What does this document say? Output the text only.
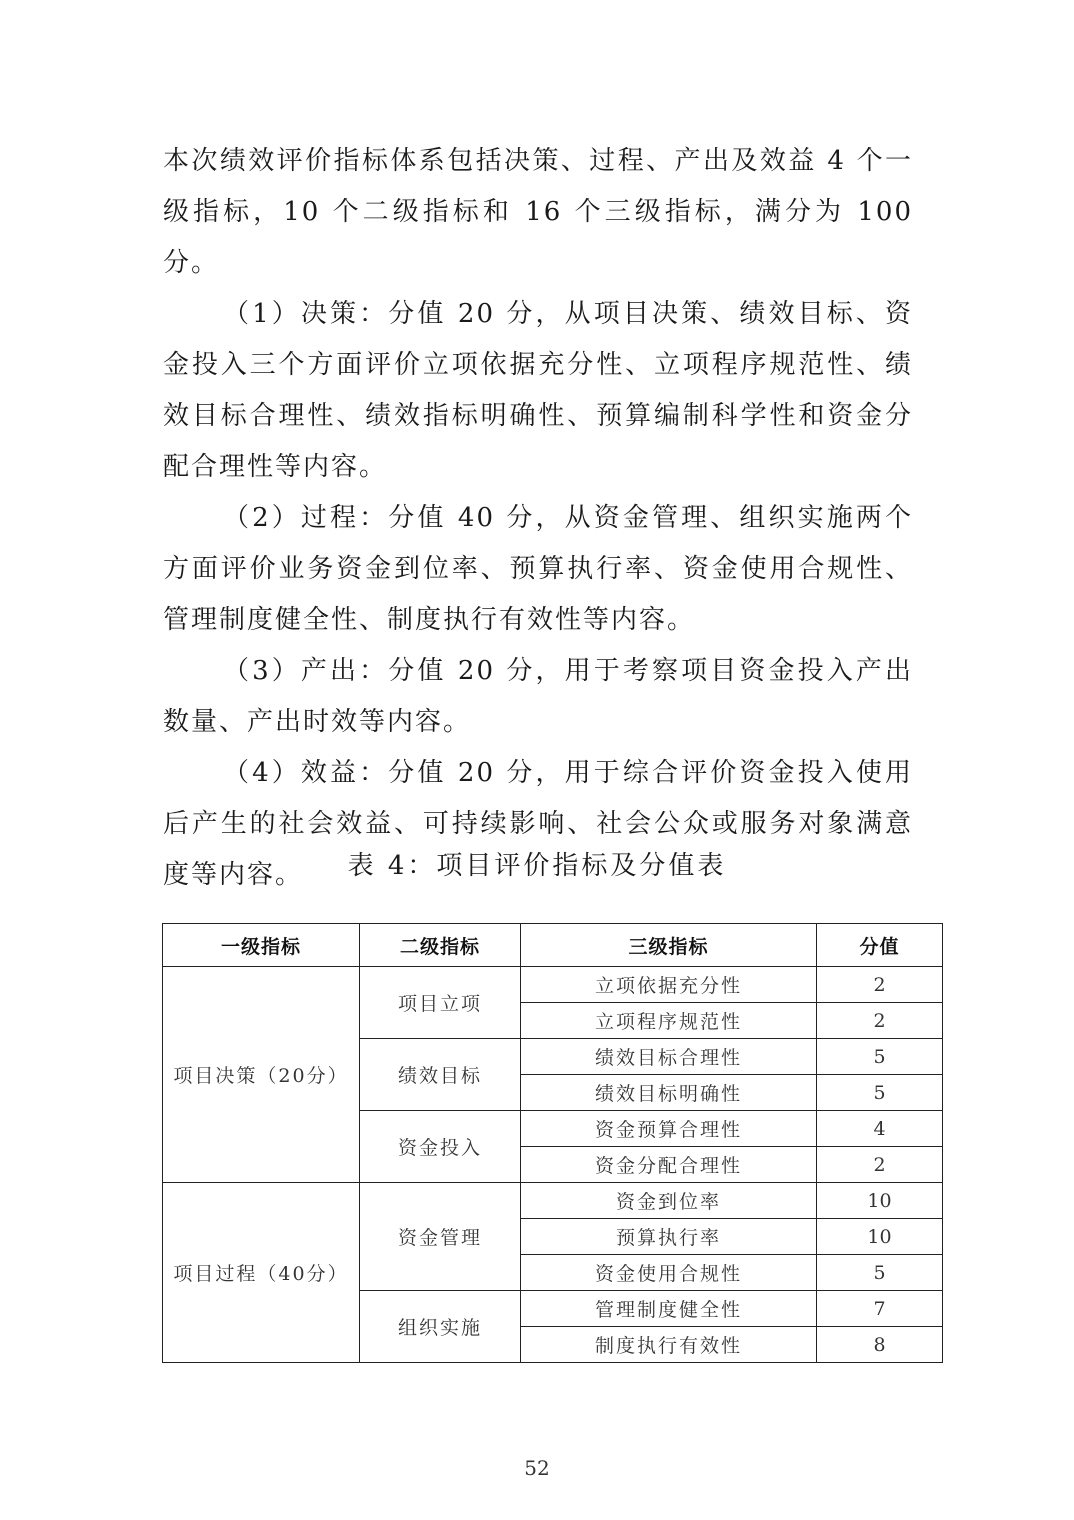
本次绩效评价指标体系包括决策、过程、产出及效益 4 个一级指标，10 个二级指标和 16 个三级指标，满分为 100 分。

（1）决策：分值 20 分，从项目决策、绩效目标、资金投入三个方面评价立项依据充分性、立项程序规范性、绩效目标合理性、绩效指标明确性、预算编制科学性和资金分配合理性等内容。

（2）过程：分值 40 分，从资金管理、组织实施两个方面评价业务资金到位率、预算执行率、资金使用合规性、管理制度健全性、制度执行有效性等内容。

（3）产出：分值 20 分，用于考察项目资金投入产出数量、产出时效等内容。

（4）效益：分值 20 分，用于综合评价资金投入使用后产生的社会效益、可持续影响、社会公众或服务对象满意度等内容。	表 4：项目评价指标及分值表
一级指标	二级指标	三级指标	分值
项目决策（20分）	项目立项	立项依据充分性	2
		立项程序规范性	2
	绩效目标	绩效目标合理性	5
		绩效目标明确性	5
	资金投入	资金预算合理性	4
		资金分配合理性	2
项目过程（40分）	资金管理	资金到位率	10
		预算执行率	10
		资金使用合规性	5
	组织实施	管理制度健全性	7
		制度执行有效性	8
52
